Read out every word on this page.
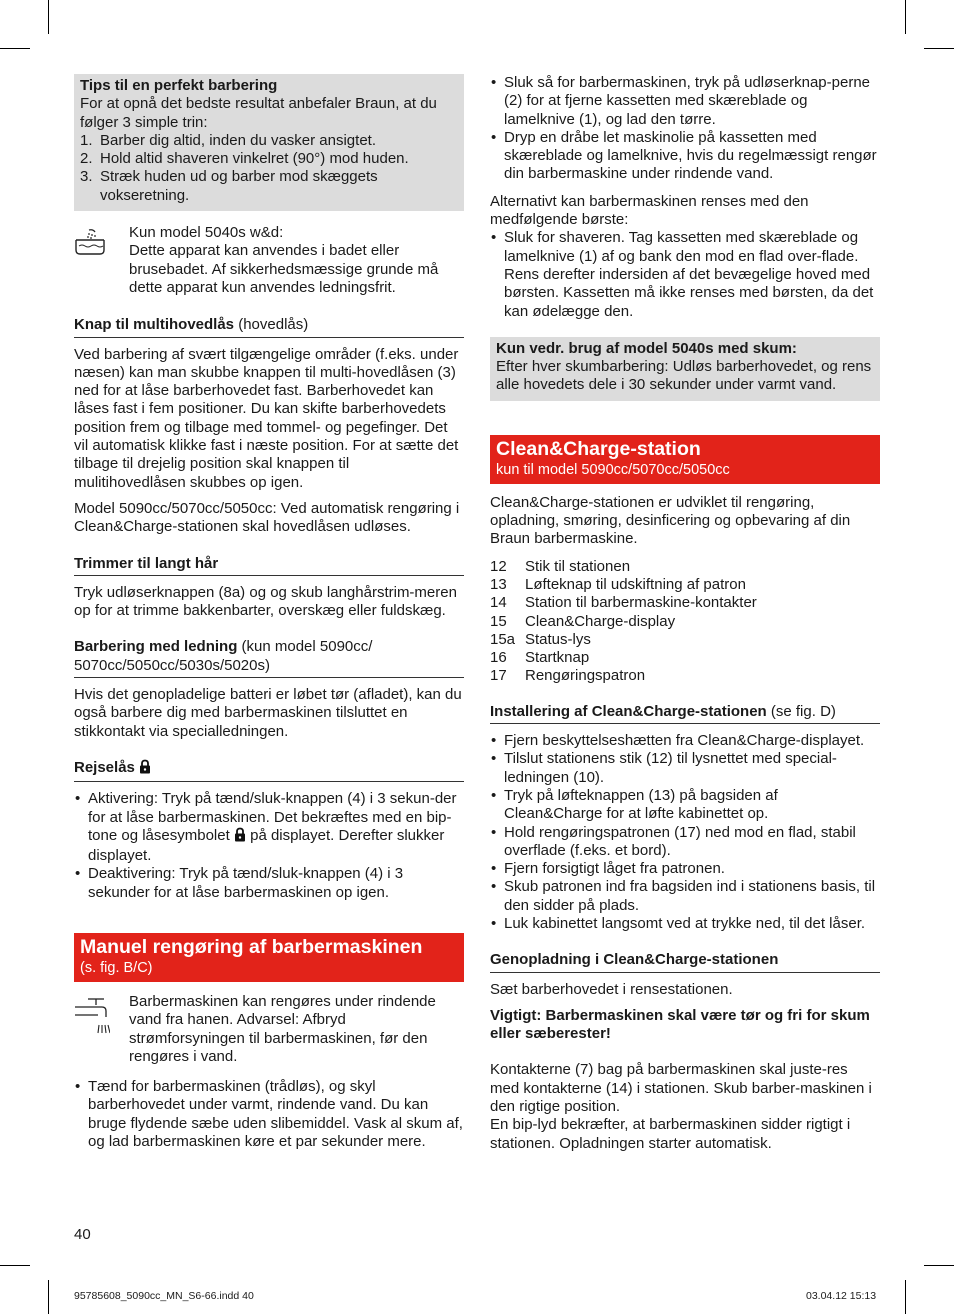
Tips til en perfekt barbering
For at opnå det bedste resultat anbefaler Braun, at du følger 3 simple trin:
1. Barber dig altid, inden du vasker ansigtet.
2. Hold altid shaveren vinkelret (90°) mod huden.
3. Stræk huden ud og barber mod skæggets vokseretning.
Kun model 5040s w&d:
Dette apparat kan anvendes i badet eller brusebadet. Af sikkerhedsmæssige grunde må dette apparat kun anvendes ledningsfrit.
Knap til multihovedlås (hovedlås)
Ved barbering af svært tilgængelige områder (f.eks. under næsen) kan man skubbe knappen til multi-hovedlåsen (3) ned for at låse barberhovedet fast. Barberhovedet kan låses fast i fem positioner. Du kan skifte barberhovedets position frem og tilbage med tommel- og pegefinger. Det vil automatisk klikke fast i næste position. For at sætte det tilbage til drejelig position skal knappen til mulitihovedlåsen skubbes op igen.
Model 5090cc/5070cc/5050cc: Ved automatisk rengøring i Clean&Charge-stationen skal hovedlåsen udløses.
Trimmer til langt hår
Tryk udløserknappen (8a) og og skub langhårstrim-meren op for at trimme bakkenbarter, overskæg eller fuldskæg.
Barbering med ledning (kun model 5090cc/ 5070cc/5050cc/5030s/5020s)
Hvis det genopladelige batteri er løbet tør (afladet), kan du også barbere dig med barbermaskinen tilsluttet en stikkontakt via specialledningen.
Rejselås
• Aktivering: Tryk på tænd/sluk-knappen (4) i 3 sekun-der for at låse barbermaskinen. Det bekræftes med en bip-tone og låsesymbolet på displayet. Derefter slukker displayet.
• Deaktivering: Tryk på tænd/sluk-knappen (4) i 3 sekunder for at låse barbermaskinen op igen.
Manuel rengøring af barbermaskinen
(s. fig. B/C)
Barbermaskinen kan rengøres under rindende vand fra hanen. Advarsel: Afbryd strømforsyningen til barbermaskinen, før den rengøres i vand.
• Tænd for barbermaskinen (trådløs), og skyl barberhovedet under varmt, rindende vand. Du kan bruge flydende sæbe uden slibemiddel. Vask al skum af, og lad barbermaskinen køre et par sekunder mere.
• Sluk så for barbermaskinen, tryk på udløserknap-perne (2) for at fjerne kassetten med skæreblade og lamelknive (1), og lad den tørre.
• Dryp en dråbe let maskinolie på kassetten med skæreblade og lamelknive, hvis du regelmæssigt rengør din barbermaskine under rindende vand.
Alternativt kan barbermaskinen renses med den medfølgende børste:
• Sluk for shaveren. Tag kassetten med skæreblade og lamelknive (1) af og bank den mod en flad over-flade. Rens derefter indersiden af det bevægelige hoved med børsten. Kassetten må ikke renses med børsten, da det kan ødelægge den.
Kun vedr. brug af model 5040s med skum:
Efter hver skumbarbering: Udløs barberhovedet, og rens alle hovedets dele i 30 sekunder under varmt vand.
Clean&Charge-station
kun til model 5090cc/5070cc/5050cc
Clean&Charge-stationen er udviklet til rengøring, opladning, smøring, desinficering og opbevaring af din Braun barbermaskine.
12	Stik til stationen
13	Løfteknap til udskiftning af patron
14	Station til barbermaskine-kontakter
15	Clean&Charge-display
15a Status-lys
16	Startknap
17	Rengøringspatron
Installering af Clean&Charge-stationen (se fig. D)
• Fjern beskyttelseshætten fra Clean&Charge-displayet.
• Tilslut stationens stik (12) til lysnettet med special-ledningen (10).
• Tryk på løfteknappen (13) på bagsiden af Clean&Charge for at løfte kabinettet op.
• Hold rengøringspatronen (17) ned mod en flad, stabil overflade (f.eks. et bord).
• Fjern forsigtigt låget fra patronen.
• Skub patronen ind fra bagsiden ind i stationens basis, til den sidder på plads.
• Luk kabinettet langsomt ved at trykke ned, til det låser.
Genopladning i Clean&Charge-stationen
Sæt barberhovedet i rensestationen.
Vigtigt: Barbermaskinen skal være tør og fri for skum eller sæberester!
Kontakterne (7) bag på barbermaskinen skal juste-res med kontakterne (14) i stationen. Skub barber-maskinen i den rigtige position.
En bip-lyd bekræfter, at barbermaskinen sidder rigtigt i stationen. Opladningen starter automatisk.
40
95785608_5090cc_MN_S6-66.indd 40	03.04.12 15:13
